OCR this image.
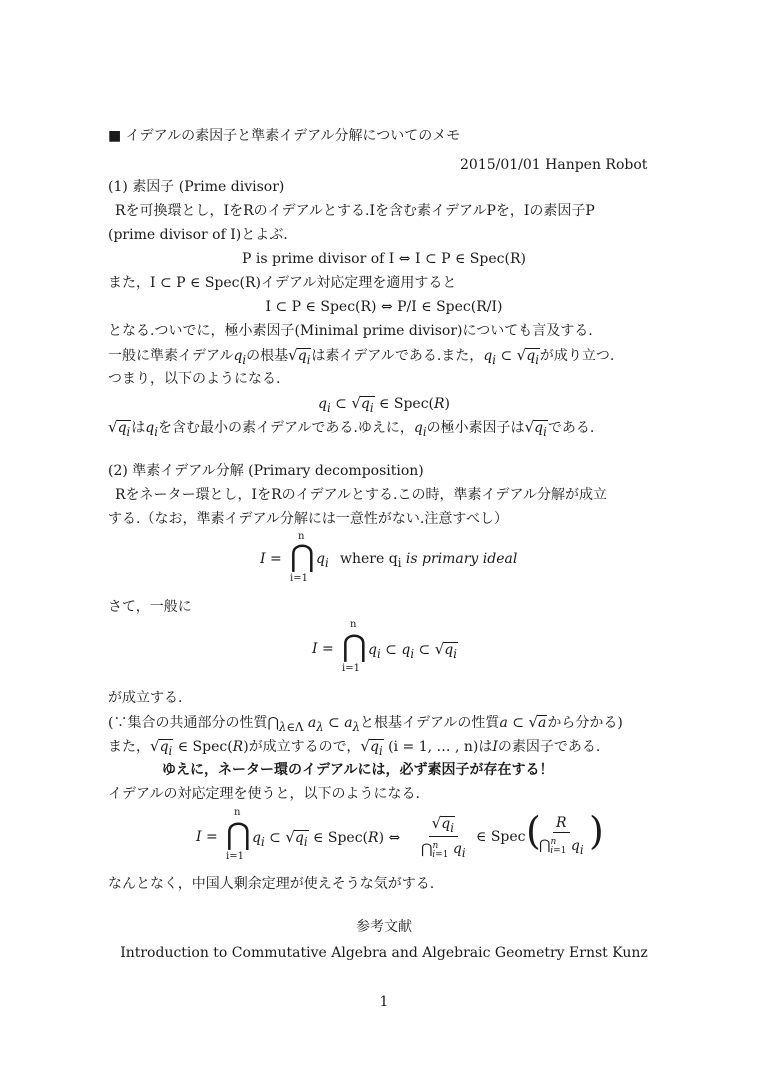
■ イデアルの素因子と準素イデアル分解についてのメモ
2015/01/01 Hanpen Robot
(1) 素因子 (Prime divisor)
Rを可換環とし，IをRのイデアルとする.Iを含む素イデアルPを，Iの素因子P
(prime divisor of I)とよぶ.
P is prime divisor of I ⇔ I ⊂ P ∈ Spec(R)
また，I ⊂ P ∈ Spec(R)イデアル対応定理を適用すると
I ⊂ P ∈ Spec(R) ⇔ P/I ∈ Spec(R/I)
となる.ついでに，極小素因子(Minimal prime divisor)についても言及する.
一般に準素イデアル$q_i$の根基$√q_i$は素イデアルである.また，$q_i$ ⊂ $√q_i$が成り立つ.
つまり，以下のようになる.
$q_i$ ⊂ $√q_i$ ∈ Spec(R)
$√q_i$は$q_i$を含む最小の素イデアルである.ゆえに，$q_i$の極小素因子は$√q_i$である.
(2) 準素イデアル分解 (Primary decomposition)
Rをネーター環とし，IをRのイデアルとする.この時，準素イデアル分解が成立
する.（なお，準素イデアル分解には一意性がない.注意すべし）
n
I = ⋂
i=1
$q_i$ where $q_i$ is primary ideal
さて，一般に
n
I = ⋂
i=1
$q_i$ ⊂ $q_i$ ⊂ $√q_i$
が成立する.
(∵集合の共通部分の性質$⋂_{\lambda\in\Lambda}$ $a_\lambda$ ⊂ $a_\lambda$と根基イデアルの性質a ⊂ √aから分かる)
また，$√q_i$ ∈ Spec(R)が成立するので，$√q_i$ (i = 1, … , n)はIの素因子である.
ゆえに，ネーター環のイデアルには，必ず素因子が存在する！
イデアルの対応定理を使うと，以下のようになる.
n
I = ⋂
i=1
$q_i$ ⊂ $√q_i$ ∈ Spec(R) ⇔ $\frac{√q_i}{⋂^n_{i=1} q_i}$ ∈ Spec (
$\frac{R}{⋂^n_{i=1} q_i}$ )
なんとなく，中国人剰余定理が使えそうな気がする.
参考文献
Introduction to Commutative Algebra and Algebraic Geometry Ernst Kunz
1
